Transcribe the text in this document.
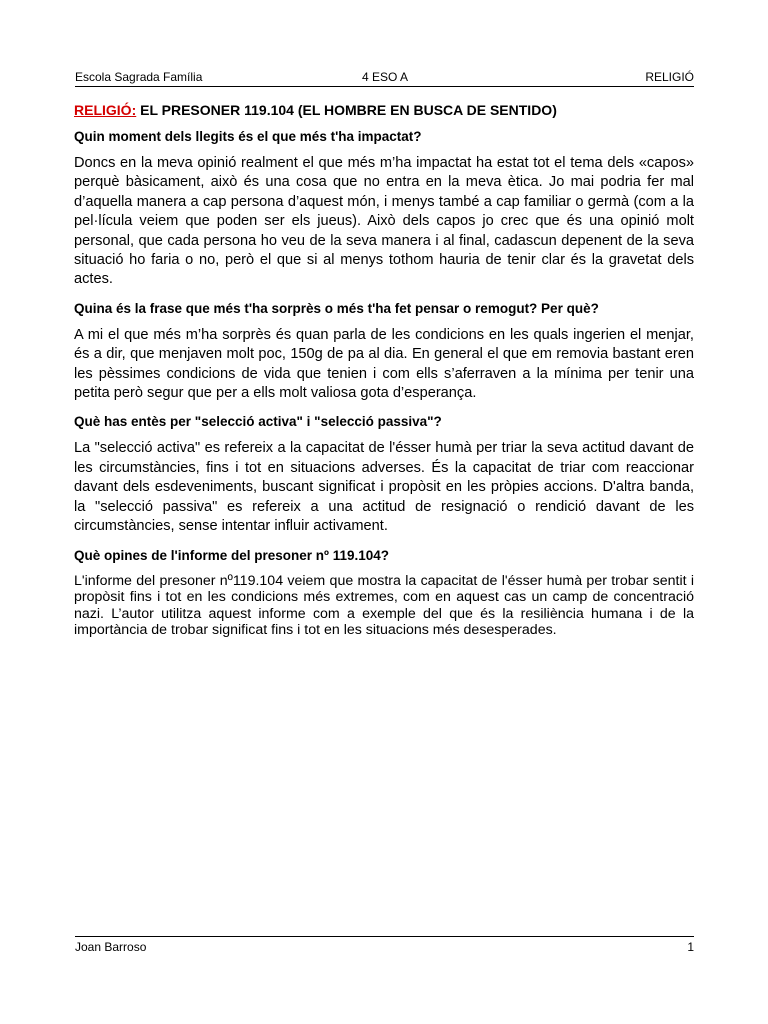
Escola Sagrada Família	4 ESO A	RELIGIÓ
RELIGIÓ: EL PRESONER 119.104 (EL HOMBRE EN BUSCA DE SENTIDO)
Quin moment dels llegits és el que més t'ha impactat?
Doncs en la meva opinió realment el que més m’ha impactat ha estat tot el tema dels «capos» perquè bàsicament, això és una cosa que no entra en la meva ètica. Jo mai podria fer mal d’aquella manera a cap persona d’aquest món, i menys també a cap familiar o germà (com a la pel·lícula veiem que poden ser els jueus). Això dels capos jo crec que és una opinió molt personal, que cada persona ho veu de la seva manera i al final, cadascun depenent de la seva situació ho faria o no, però el que si al menys tothom hauria de tenir clar és la gravetat dels actes.
Quina és la frase que més t'ha sorprès o més t'ha fet pensar o remogut? Per què?
A mi el que més m’ha sorprès és quan parla de les condicions en les quals ingerien el menjar, és a dir, que menjaven molt poc, 150g de pa al dia. En general el que em removia bastant eren les pèssimes condicions de vida que tenien i com ells s’aferraven a la mínima per tenir una petita però segur que per a ells molt valiosa gota d’esperança.
Què has entès per "selecció activa" i "selecció passiva"?
La "selecció activa" es refereix a la capacitat de l'ésser humà per triar la seva actitud davant de les circumstàncies, fins i tot en situacions adverses. És la capacitat de triar com reaccionar davant dels esdeveniments, buscant significat i propòsit en les pròpies accions. D'altra banda, la "selecció passiva" es refereix a una actitud de resignació o rendició davant de les circumstàncies, sense intentar influir activament.
Què opines de l'informe del presoner nº 119.104?
L'informe del presoner nº119.104 veiem que mostra la capacitat de l'ésser humà per trobar sentit i propòsit fins i tot en les condicions més extremes, com en aquest cas un camp de concentració nazi. L’autor utilitza aquest informe com a exemple del que és la resiliència humana i de la importància de trobar significat fins i tot en les situacions més desesperades.
Joan Barroso	1
